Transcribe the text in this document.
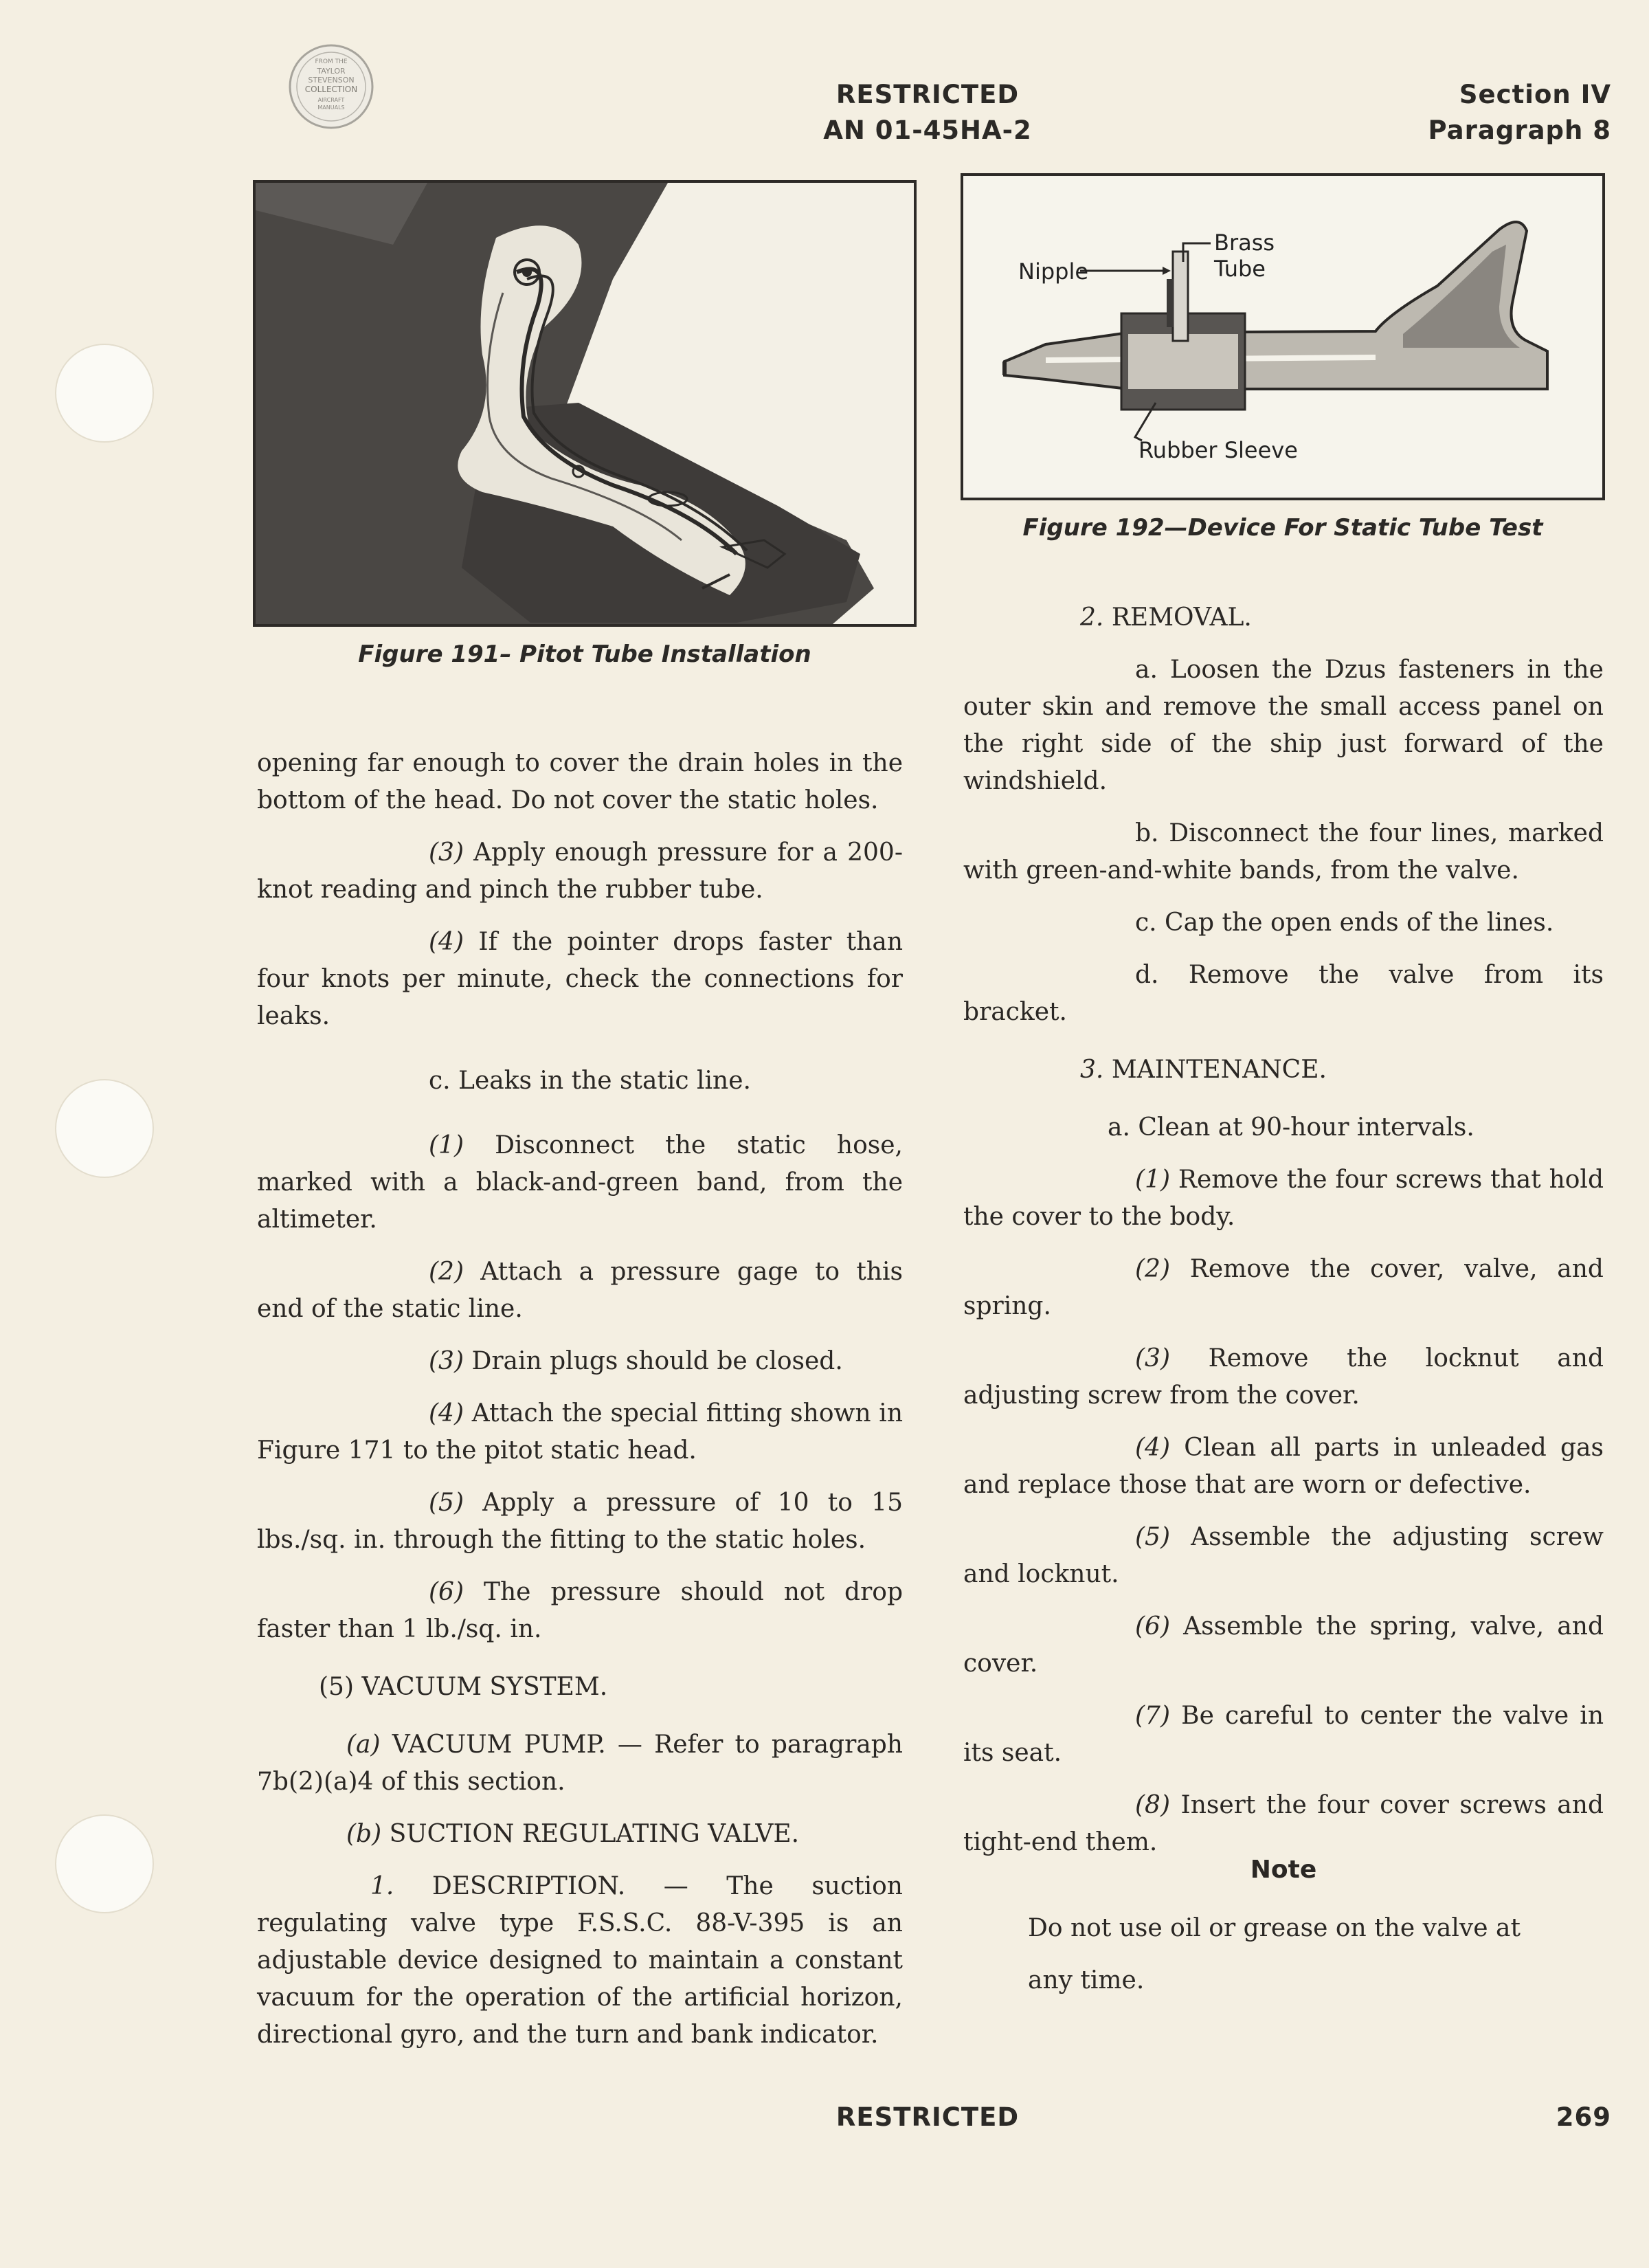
FROM THE
TAYLOR
STEVENSON
COLLECTION
AIRCRAFT
MANUALS	RESTRICTED
AN 01-45HA-2
Section IV
Paragraph 8
Figure 191– Pitot Tube Installation
Nipple
Brass
Tube
Rubber Sleeve
Figure 192—Device For Static Tube Test

opening far enough to cover the drain holes in the bottom of the head. Do not cover the static holes.

(3) Apply enough pressure for a 200-knot reading and pinch the rubber tube.

(4) If the pointer drops faster than four knots per minute, check the connections for leaks.

c. Leaks in the static line.

(1) Disconnect the static hose, marked with a black-and-green band, from the altimeter.

(2) Attach a pressure gage to this end of the static line.

(3) Drain plugs should be closed.

(4) Attach the special fitting shown in Figure 171 to the pitot static head.

(5) Apply a pressure of 10 to 15 lbs./sq. in. through the fitting to the static holes.

(6) The pressure should not drop faster than 1 lb./sq. in.

(5) VACUUM SYSTEM.

(a) VACUUM PUMP. — Refer to paragraph 7b(2)(a)4 of this section.

(b) SUCTION REGULATING VALVE.

1. DESCRIPTION. — The suction regulating valve type F.S.S.C. 88-V-395 is an adjustable device designed to maintain a constant vacuum for the operation of the artificial horizon, directional gyro, and the turn and bank indicator.

2. REMOVAL.

a. Loosen the Dzus fasteners in the outer skin and remove the small access panel on the right side of the ship just forward of the windshield.

b. Disconnect the four lines, marked with green-and-white bands, from the valve.

c. Cap the open ends of the lines.

d. Remove the valve from its bracket.

3. MAINTENANCE.

a. Clean at 90-hour intervals.

(1) Remove the four screws that hold the cover to the body.

(2) Remove the cover, valve, and spring.

(3) Remove the locknut and adjusting screw from the cover.

(4) Clean all parts in unleaded gas and replace those that are worn or defective.

(5) Assemble the adjusting screw and locknut.

(6) Assemble the spring, valve, and cover.

(7) Be careful to center the valve in its seat.

(8) Insert the four cover screws and tight-end them.

Note
Do not use oil or grease on the valve at any time.
RESTRICTED	269
